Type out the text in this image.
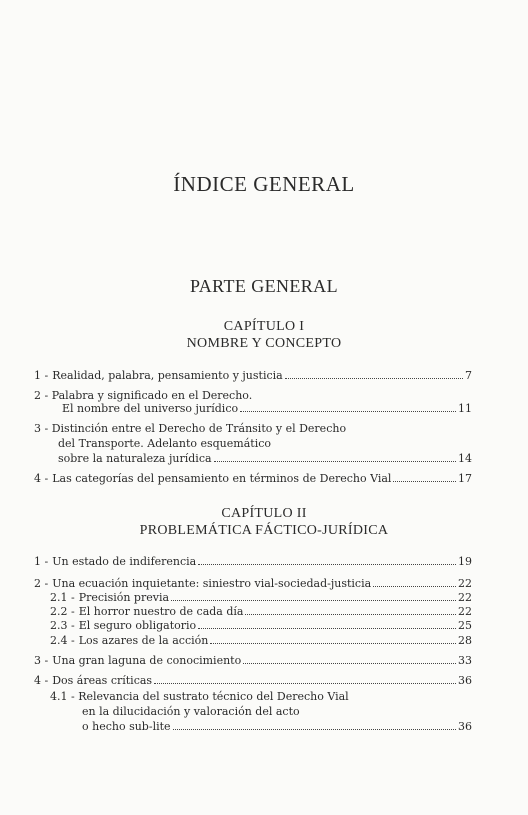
ÍNDICE GENERAL
PARTE GENERAL
CAPÍTULO I
NOMBRE Y CONCEPTO
1 - Realidad, palabra, pensamiento y justicia	7
2 - Palabra y significado en el Derecho.
El nombre del universo jurídico	11
3 - Distinción entre el Derecho de Tránsito y el Derecho
del Transporte. Adelanto esquemático
sobre la naturaleza jurídica	14
4 - Las categorías del pensamiento en términos de Derecho Vial	17
CAPÍTULO II
PROBLEMÁTICA FÁCTICO-JURÍDICA
1 - Un estado de indiferencia	19
2 - Una ecuación inquietante: siniestro vial-sociedad-justicia	22
2.1 - Precisión previa	22
2.2 - El horror nuestro de cada día	22
2.3 - El seguro obligatorio	25
2.4 - Los azares de la acción	28
3 - Una gran laguna de conocimiento	33
4 - Dos áreas críticas	36
4.1 - Relevancia del sustrato técnico del Derecho Vial
en la dilucidación y valoración del acto
o hecho sub-lite	36
